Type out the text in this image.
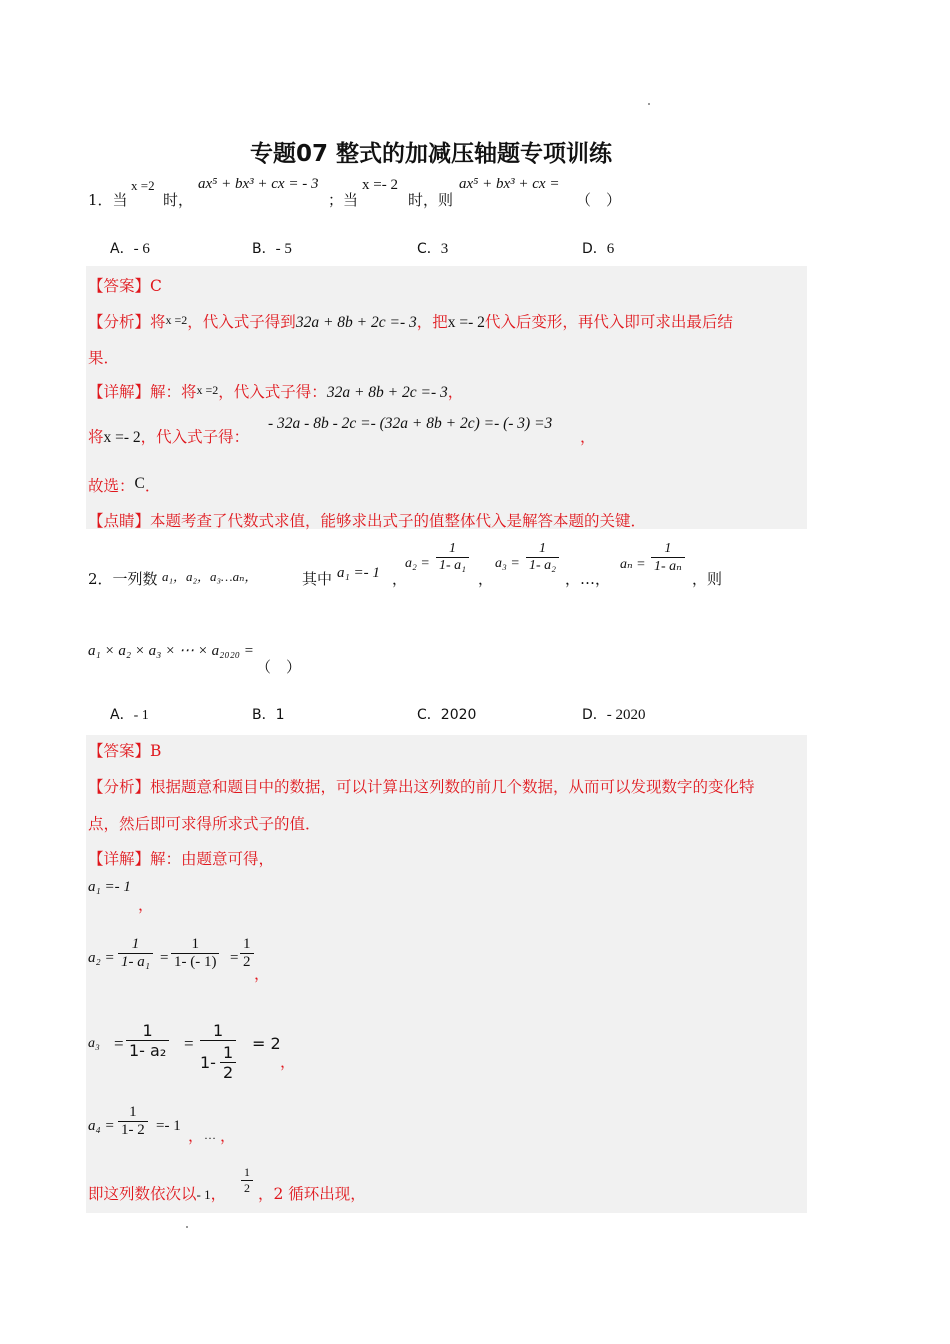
专题07 整式的加减压轴题专项训练
1．当
x =2
时，
ax⁵ + bx³ + cx = - 3
；当
x =- 2
时，则
ax⁵ + bx³ + cx =
（　）
A．- 6	B．- 5	C．3	D．6
【答案】C
【分析】将x =2，代入式子得到32a + 8b + 2c =- 3，把x =- 2代入后变形，再代入即可求出最后结
果．
【详解】解：将x =2，代入式子得：32a + 8b + 2c =- 3，
将x =- 2，代入式子得：
- 32a - 8b - 2c =- (32a + 8b + 2c) =- (- 3) =3
，
故选：C．
【点睛】本题考查了代数式求值，能够求出式子的值整体代入是解答本题的关键．
2．一列数 a₁，a₂，a₃…aₙ，	其中 a₁ =- 1 ，
$a_2 = \frac{1}{\text{1- a₁}}$
，
$a_3 = \frac{1}{\text{1- a₂}}$
，…，
$a_n = \frac{1}{\text{1- aₙ}}$
，则
a₁ × a₂ × a₃ × ⋯ × a₂₀₂₀ =
（　）
A．- 1	B．1	C．2020	D．- 2020
【答案】B
【分析】根据题意和题目中的数据，可以计算出这列数的前几个数据，从而可以发现数字的变化特
点，然后即可求得所求式子的值．
【详解】解：由题意可得，
a₁ =- 1
，
$a_2 = \frac{1}{\text{1- a₁}} = \frac{1}{1- (- 1)} = \frac{1}{2}$
，
$a_3 = \frac{1}{\text{1- a₂}}$ =
1
$1- \frac{1}{2} = 2$
，
$a_4 = \frac{1}{1- 2} =- 1$
， … ，
即这列数依次以- 1， $\frac{1}{2}$ ，2 循环出现，
